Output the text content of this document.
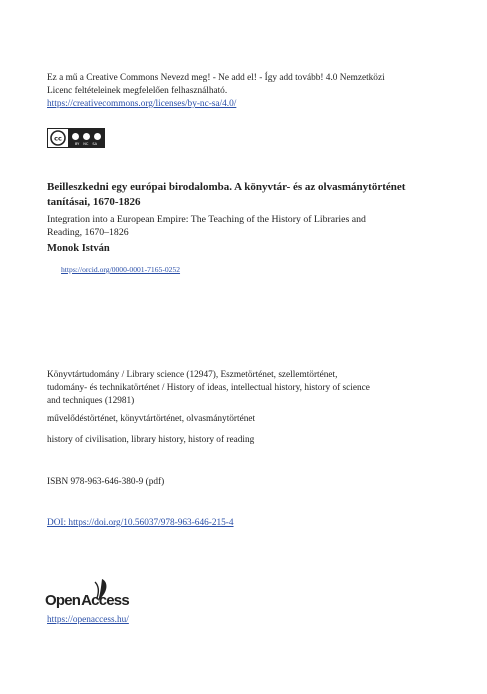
Ez a mű a Creative Commons Nevezd meg! - Ne add el! - Így add tovább! 4.0 Nemzetközi
Licenc feltételeinek megfelelően felhasználható.
https://creativecommons.org/licenses/by-nc-sa/4.0/
cc
BY NC SA
Beilleszkedni egy európai birodalomba. A könyvtár- és az olvasmánytörténet
tanításai, 1670-1826
Integration into a European Empire: The Teaching of the History of Libraries and
Reading, 1670–1826
Monok István
https://orcid.org/0000-0001-7165-0252
Könyvtártudomány / Library science (12947), Eszmetörténet, szellemtörténet,
tudomány- és technikatörténet / History of ideas, intellectual history, history of science
and techniques (12981)
művelődéstörténet, könyvtártörténet, olvasmánytörténet
history of civilisation, library history, history of reading
ISBN 978-963-646-380-9 (pdf)
DOI: https://doi.org/10.56037/978-963-646-215-4
OpenAccess
https://openaccess.hu/
